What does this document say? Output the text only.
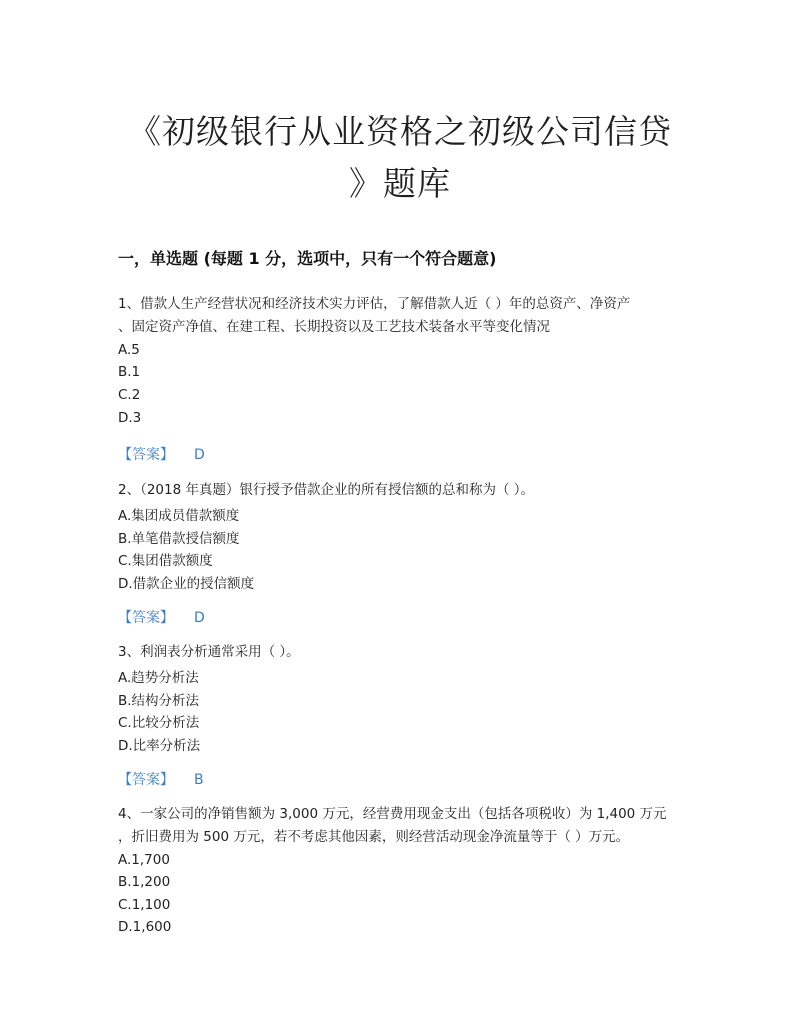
《初级银行从业资格之初级公司信贷
》题库
一，单选题 (每题 1 分，选项中，只有一个符合题意)
1、借款人生产经营状况和经济技术实力评估，了解借款人近（ ）年的总资产、净资产
、固定资产净值、在建工程、长期投资以及工艺技术装备水平等变化情况
A.5
B.1
C.2
D.3
【答案】 D
2、（2018 年真题）银行授予借款企业的所有授信额的总和称为（ ）。
A.集团成员借款额度
B.单笔借款授信额度
C.集团借款额度
D.借款企业的授信额度
【答案】 D
3、利润表分析通常采用（ ）。
A.趋势分析法
B.结构分析法
C.比较分析法
D.比率分析法
【答案】 B
4、一家公司的净销售额为 3,000 万元，经营费用现金支出（包括各项税收）为 1,400 万元
，折旧费用为 500 万元，若不考虑其他因素，则经营活动现金净流量等于（ ）万元。
A.1,700
B.1,200
C.1,100
D.1,600
